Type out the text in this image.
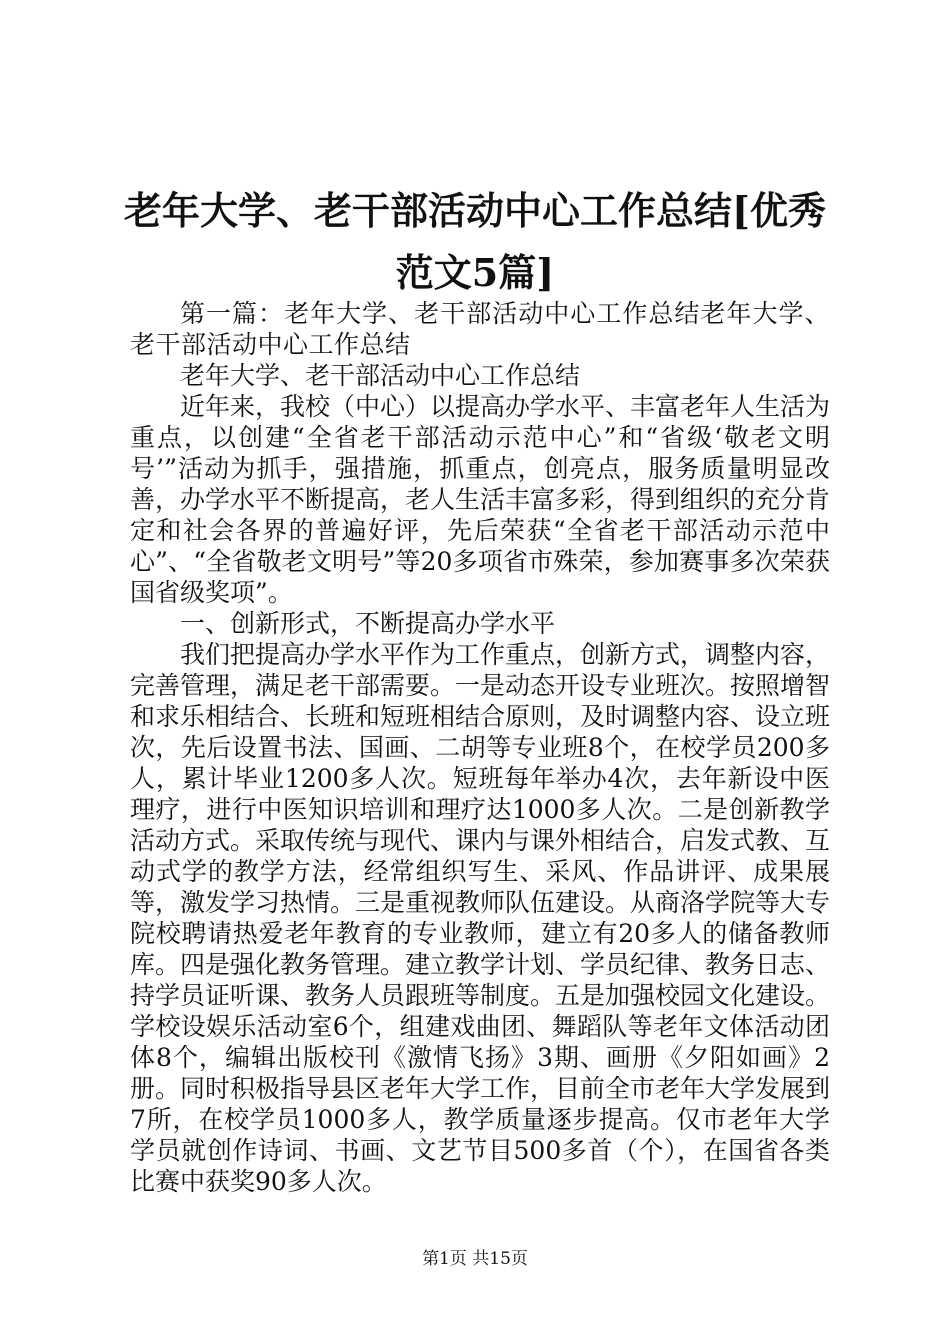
老年大学、老干部活动中心工作总结[优秀范文5篇]

第一篇：老年大学、老干部活动中心工作总结老年大学、老干部活动中心工作总结

老年大学、老干部活动中心工作总结

近年来，我校（中心）以提高办学水平、丰富老年人生活为重点，以创建“全省老干部活动示范中心”和“省级‘敬老文明号’”活动为抓手，强措施，抓重点，创亮点，服务质量明显改善，办学水平不断提高，老人生活丰富多彩，得到组织的充分肯定和社会各界的普遍好评，先后荣获“全省老干部活动示范中心”、“全省敬老文明号”等20多项省市殊荣，参加赛事多次荣获国省级奖项”。

一、创新形式，不断提高办学水平

我们把提高办学水平作为工作重点，创新方式，调整内容，完善管理，满足老干部需要。一是动态开设专业班次。按照增智和求乐相结合、长班和短班相结合原则，及时调整内容、设立班次，先后设置书法、国画、二胡等专业班8个，在校学员200多人，累计毕业1200多人次。短班每年举办4次，去年新设中医理疗，进行中医知识培训和理疗达1000多人次。二是创新教学活动方式。采取传统与现代、课内与课外相结合，启发式教、互动式学的教学方法，经常组织写生、采风、作品讲评、成果展等，激发学习热情。三是重视教师队伍建设。从商洛学院等大专院校聘请热爱老年教育的专业教师，建立有20多人的储备教师库。四是强化教务管理。建立教学计划、学员纪律、教务日志、持学员证听课、教务人员跟班等制度。五是加强校园文化建设。学校设娱乐活动室6个，组建戏曲团、舞蹈队等老年文体活动团体8个，编辑出版校刊《激情飞扬》3期、画册《夕阳如画》2册。同时积极指导县区老年大学工作，目前全市老年大学发展到7所，在校学员1000多人，教学质量逐步提高。仅市老年大学学员就创作诗词、书画、文艺节目500多首（个），在国省各类比赛中获奖90多人次。

第1页 共15页
